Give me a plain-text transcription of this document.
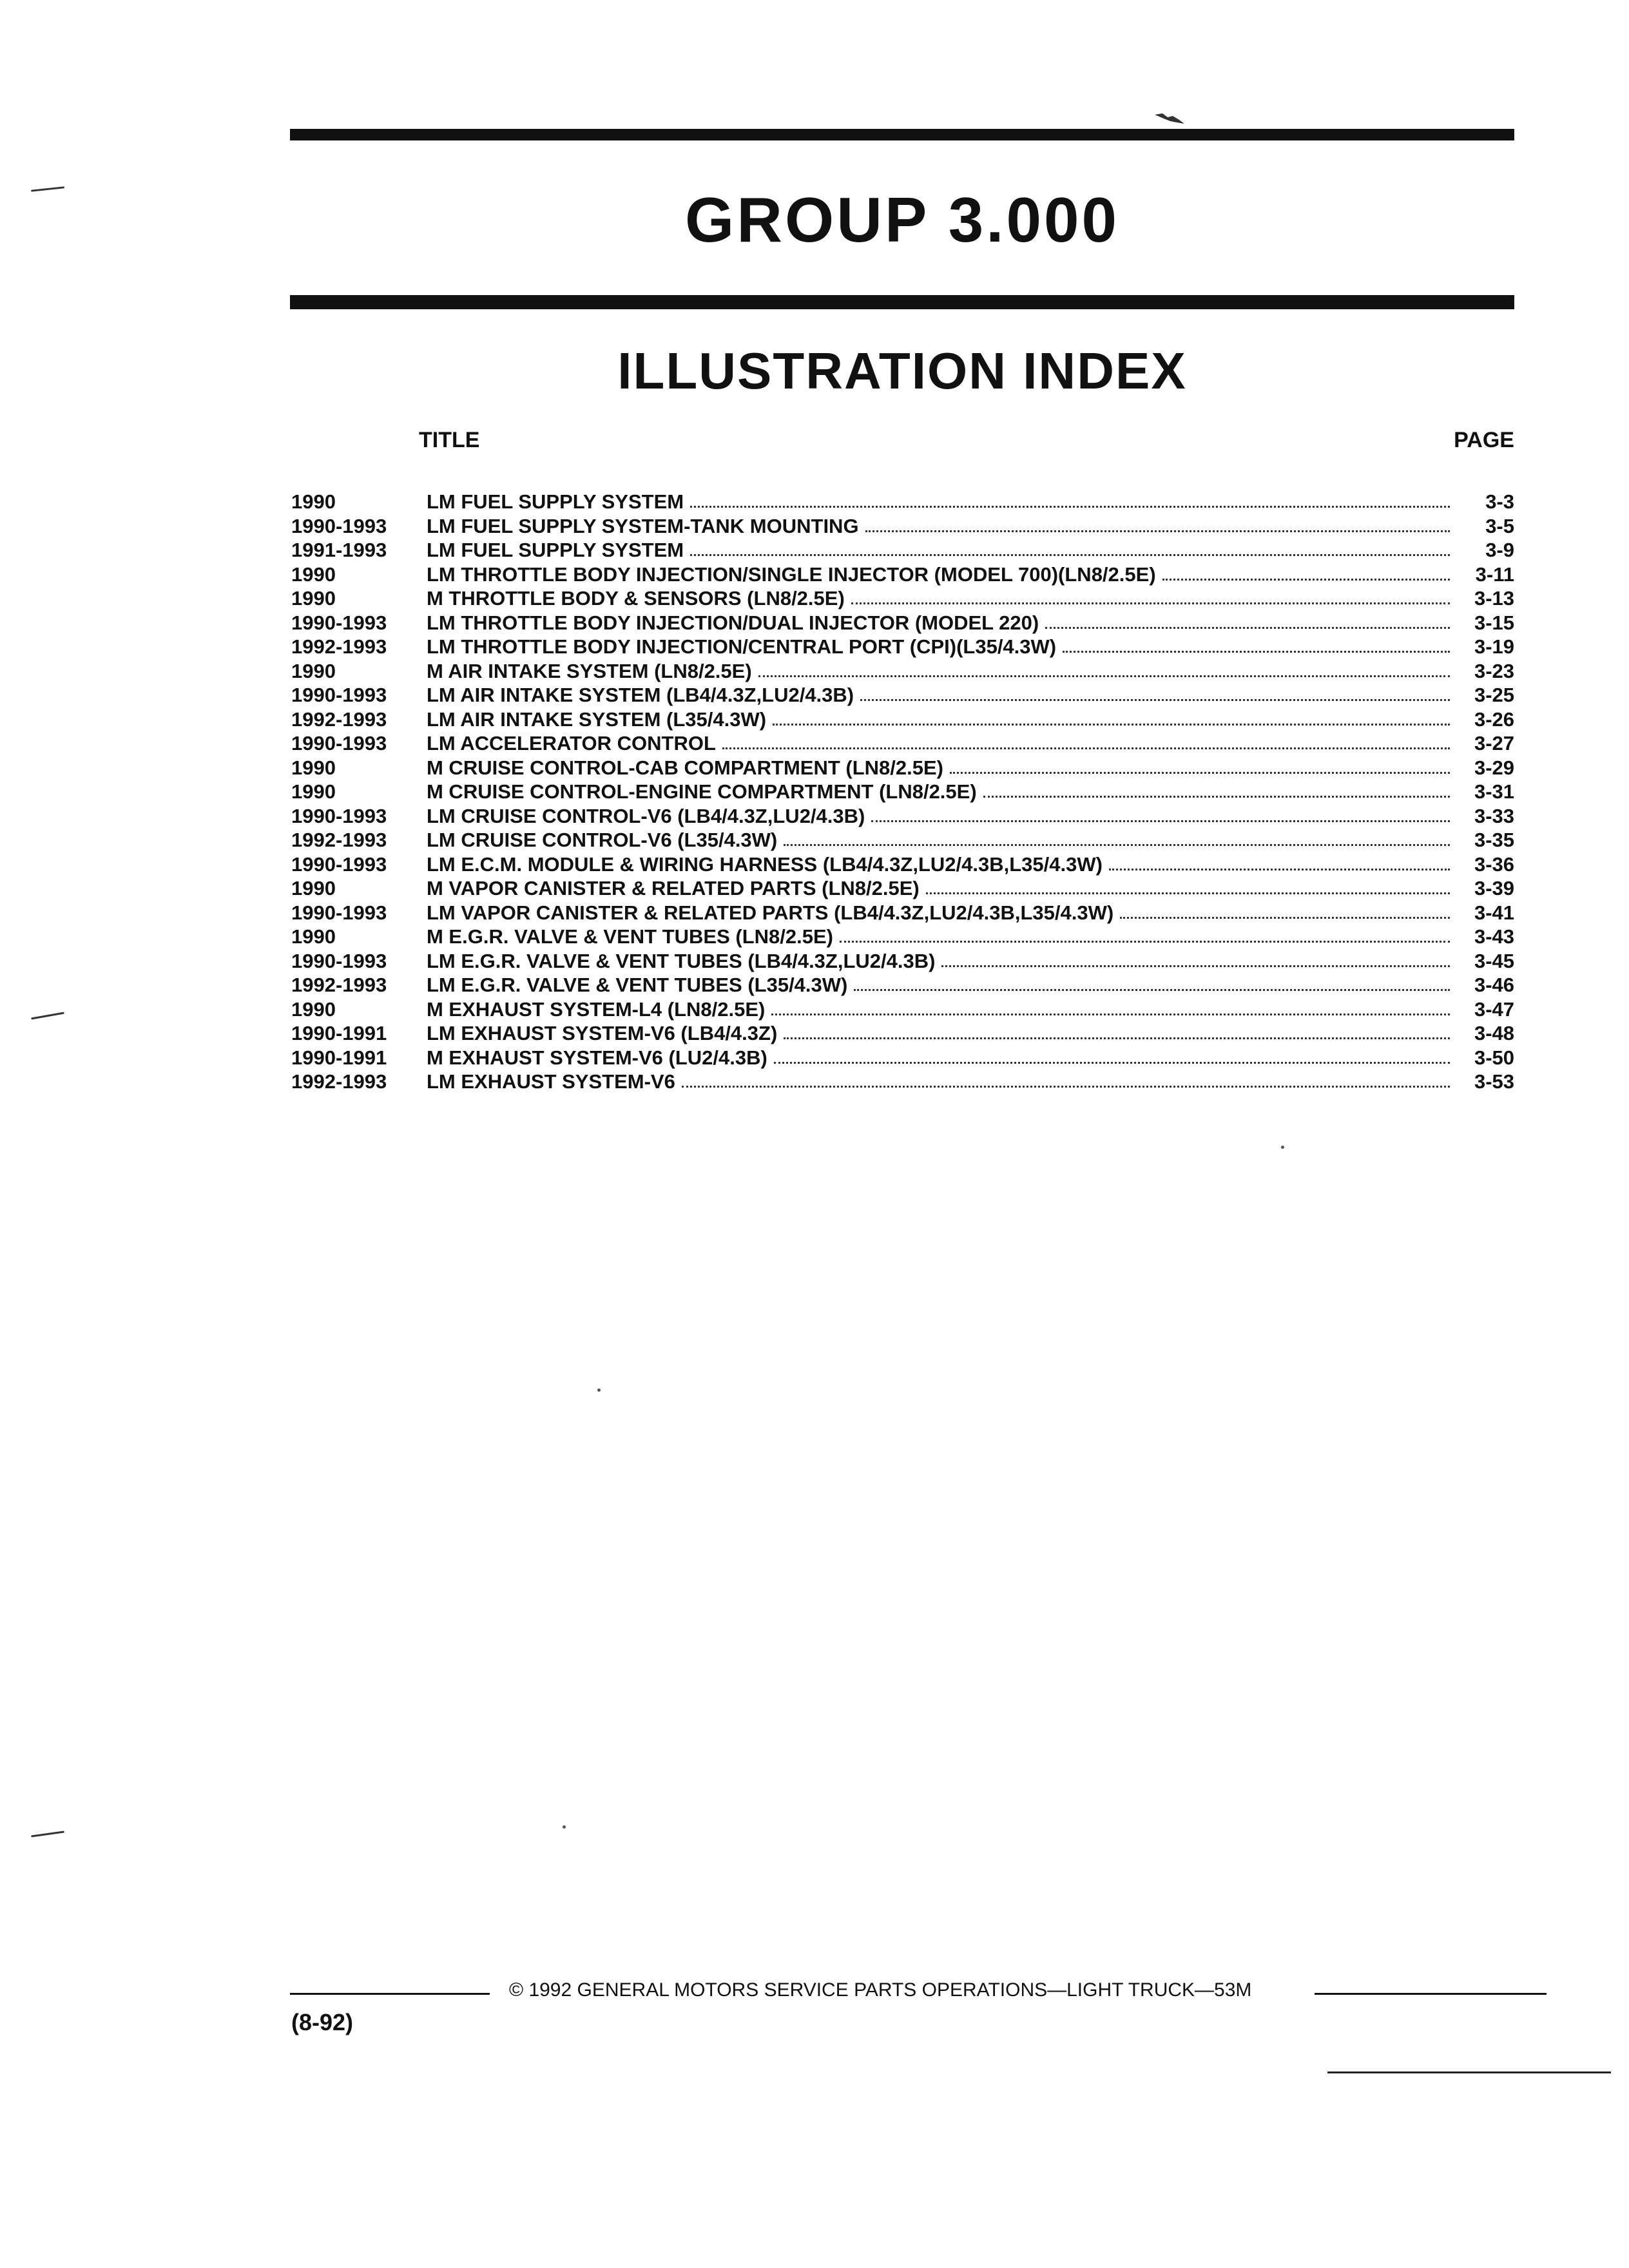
GROUP 3.000
ILLUSTRATION INDEX
TITLE	PAGE
1990	LM FUEL SUPPLY SYSTEM	3-3
1990-1993	LM FUEL SUPPLY SYSTEM-TANK MOUNTING	3-5
1991-1993	LM FUEL SUPPLY SYSTEM	3-9
1990	LM THROTTLE BODY INJECTION/SINGLE INJECTOR (MODEL 700)(LN8/2.5E)	3-11
1990	M THROTTLE BODY & SENSORS (LN8/2.5E)	3-13
1990-1993	LM THROTTLE BODY INJECTION/DUAL INJECTOR (MODEL 220)	3-15
1992-1993	LM THROTTLE BODY INJECTION/CENTRAL PORT (CPI)(L35/4.3W)	3-19
1990	M AIR INTAKE SYSTEM (LN8/2.5E)	3-23
1990-1993	LM AIR INTAKE SYSTEM (LB4/4.3Z,LU2/4.3B)	3-25
1992-1993	LM AIR INTAKE SYSTEM (L35/4.3W)	3-26
1990-1993	LM ACCELERATOR CONTROL	3-27
1990	M CRUISE CONTROL-CAB COMPARTMENT (LN8/2.5E)	3-29
1990	M CRUISE CONTROL-ENGINE COMPARTMENT (LN8/2.5E)	3-31
1990-1993	LM CRUISE CONTROL-V6 (LB4/4.3Z,LU2/4.3B)	3-33
1992-1993	LM CRUISE CONTROL-V6 (L35/4.3W)	3-35
1990-1993	LM E.C.M. MODULE & WIRING HARNESS (LB4/4.3Z,LU2/4.3B,L35/4.3W)	3-36
1990	M VAPOR CANISTER & RELATED PARTS (LN8/2.5E)	3-39
1990-1993	LM VAPOR CANISTER & RELATED PARTS (LB4/4.3Z,LU2/4.3B,L35/4.3W)	3-41
1990	M E.G.R. VALVE & VENT TUBES (LN8/2.5E)	3-43
1990-1993	LM E.G.R. VALVE & VENT TUBES (LB4/4.3Z,LU2/4.3B)	3-45
1992-1993	LM E.G.R. VALVE & VENT TUBES (L35/4.3W)	3-46
1990	M EXHAUST SYSTEM-L4 (LN8/2.5E)	3-47
1990-1991	LM EXHAUST SYSTEM-V6 (LB4/4.3Z)	3-48
1990-1991	M EXHAUST SYSTEM-V6 (LU2/4.3B)	3-50
1992-1993	LM EXHAUST SYSTEM-V6	3-53
© 1992 GENERAL MOTORS SERVICE PARTS OPERATIONS—LIGHT TRUCK—53M
(8-92)
